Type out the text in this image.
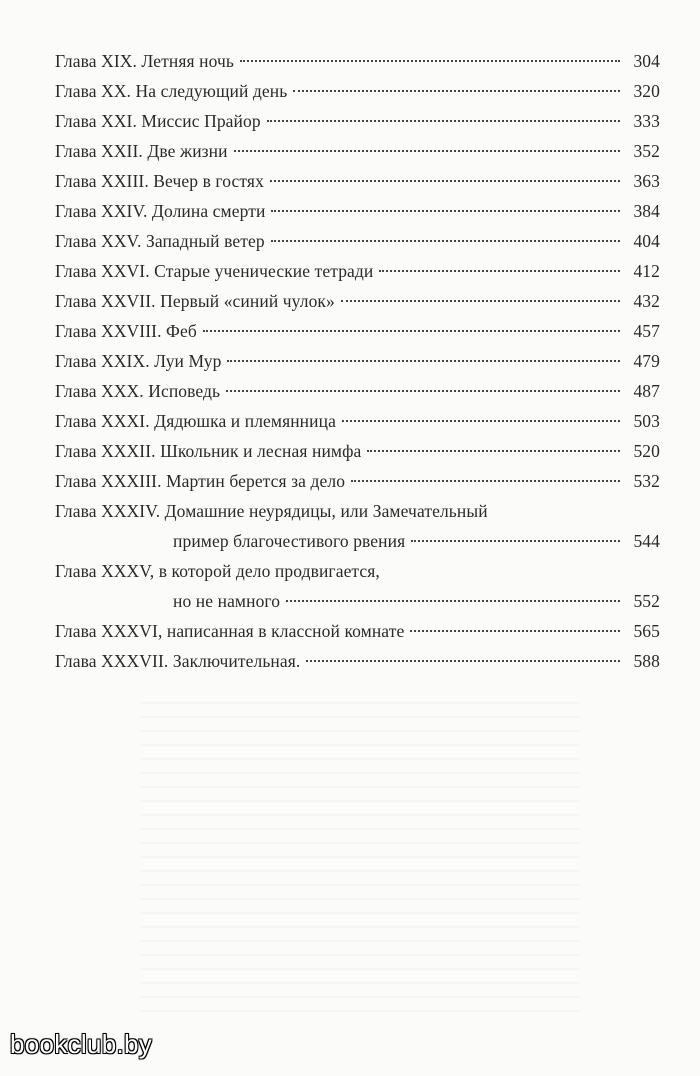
Глава XIX. Летняя ночь	304
Глава XX. На следующий день	320
Глава XXI. Миссис Прайор	333
Глава XXII. Две жизни	352
Глава XXIII. Вечер в гостях	363
Глава XXIV. Долина смерти	384
Глава XXV. Западный ветер	404
Глава XXVI. Старые ученические тетради	412
Глава XXVII. Первый «синий чулок»	432
Глава XXVIII. Феб	457
Глава XXIX. Луи Мур	479
Глава XXX. Исповедь	487
Глава XXXI. Дядюшка и племянница	503
Глава XXXII. Школьник и лесная нимфа	520
Глава XXXIII. Мартин берется за дело	532
Глава XXXIV. Домашние неурядицы, или Замечательный
пример благочестивого рвения	544
Глава XXXV, в которой дело продвигается,
но не намного	552
Глава XXXVI, написанная в классной комнате	565
Глава XXXVII. Заключительная.	588
bookclub.by
